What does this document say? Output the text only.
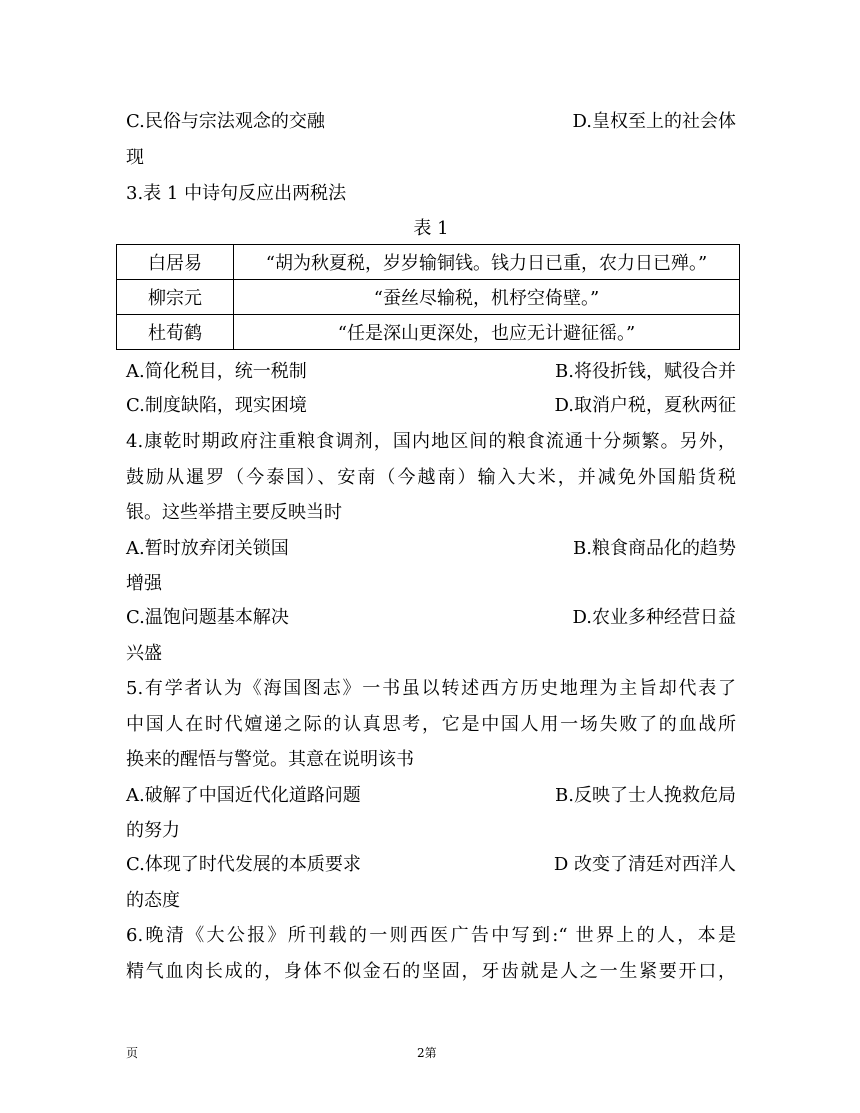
C.民俗与宗法观念的交融	D.皇权至上的社会体
现
3.表 1 中诗句反应出两税法
表 1
白居易	“胡为秋夏税，岁岁输铜钱。钱力日已重，农力日已殚。”
柳宗元	“蚕丝尽输税，机杼空倚壁。”
杜荀鹤	“任是深山更深处，也应无计避征徭。”
A.简化税目，统一税制	B.将役折钱，赋役合并
C.制度缺陷，现实困境	D.取消户税，夏秋两征
4.康乾时期政府注重粮食调剂，国内地区间的粮食流通十分频繁。另外，
鼓励从暹罗（今泰国）、安南（今越南）输入大米，并减免外国船货税
银。这些举措主要反映当时
A.暂时放弃闭关锁国	B.粮食商品化的趋势
增强
C.温饱问题基本解决	D.农业多种经营日益
兴盛
5.有学者认为《海国图志》一书虽以转述西方历史地理为主旨却代表了
中国人在时代嬗递之际的认真思考，它是中国人用一场失败了的血战所
换来的醒悟与警觉。其意在说明该书
A.破解了中国近代化道路问题	B.反映了士人挽救危局
的努力
C.体现了时代发展的本质要求	D 改变了清廷对西洋人
的态度
6.晚清《大公报》所刊载的一则西医广告中写到:“ 世界上的人，本是
精气血肉长成的，身体不似金石的坚固，牙齿就是人之一生紧要开口，
页	2第
